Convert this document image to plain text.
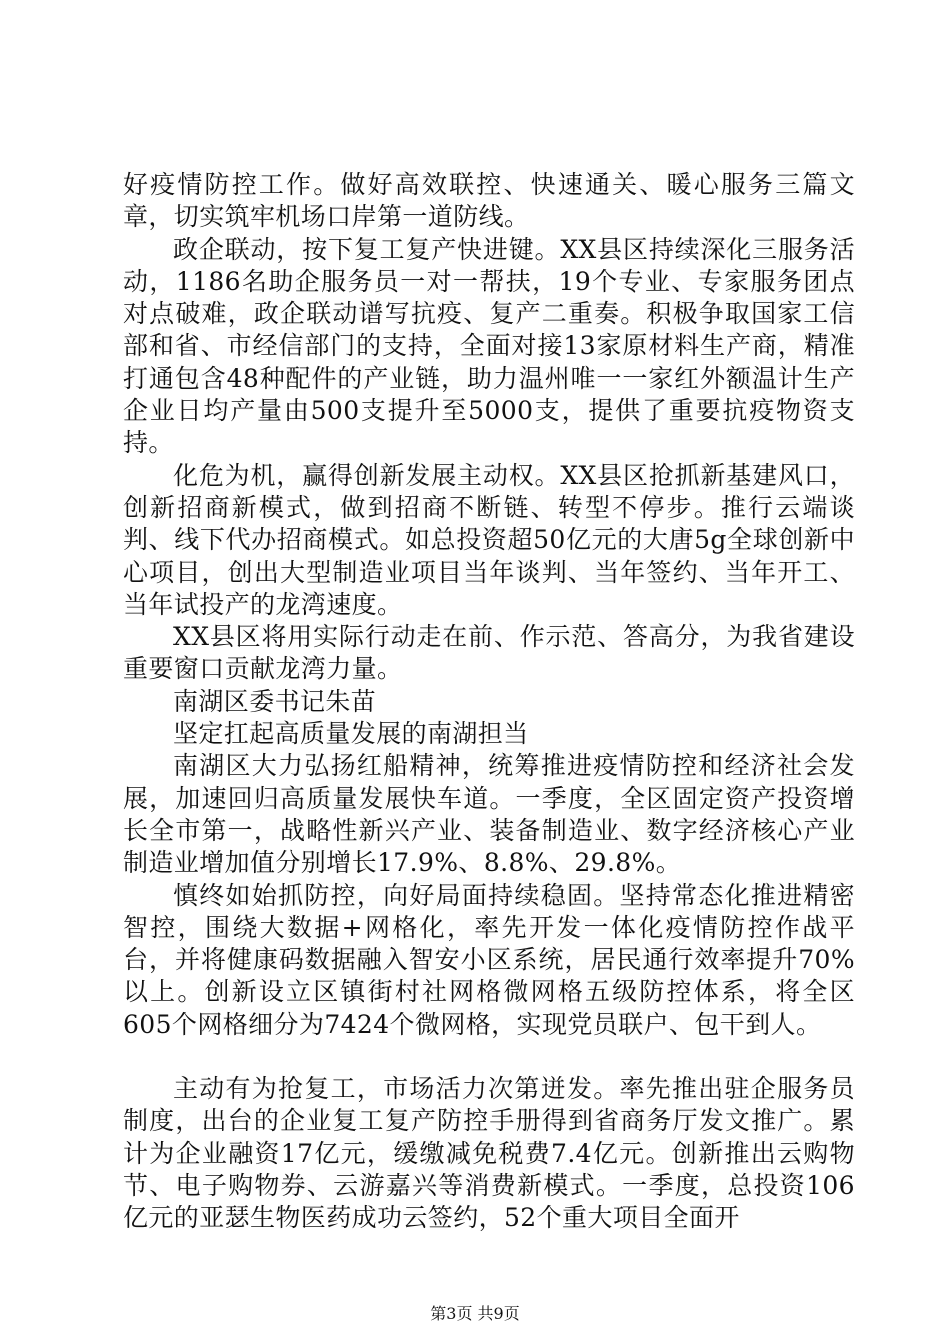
好疫情防控工作。做好高效联控、快速通关、暖心服务三篇文章，切实筑牢机场口岸第一道防线。

政企联动，按下复工复产快进键。XX县区持续深化三服务活动，1186名助企服务员一对一帮扶，19个专业、专家服务团点对点破难，政企联动谱写抗疫、复产二重奏。积极争取国家工信部和省、市经信部门的支持，全面对接13家原材料生产商，精准打通包含48种配件的产业链，助力温州唯一一家红外额温计生产企业日均产量由500支提升至5000支，提供了重要抗疫物资支持。

化危为机，赢得创新发展主动权。XX县区抢抓新基建风口，创新招商新模式，做到招商不断链、转型不停步。推行云端谈判、线下代办招商模式。如总投资超50亿元的大唐5g全球创新中心项目，创出大型制造业项目当年谈判、当年签约、当年开工、当年试投产的龙湾速度。

XX县区将用实际行动走在前、作示范、答高分，为我省建设重要窗口贡献龙湾力量。

南湖区委书记朱苗

坚定扛起高质量发展的南湖担当

南湖区大力弘扬红船精神，统筹推进疫情防控和经济社会发展，加速回归高质量发展快车道。一季度，全区固定资产投资增长全市第一，战略性新兴产业、装备制造业、数字经济核心产业制造业增加值分别增长17.9%、8.8%、29.8%。

慎终如始抓防控，向好局面持续稳固。坚持常态化推进精密智控，围绕大数据+网格化，率先开发一体化疫情防控作战平台，并将健康码数据融入智安小区系统，居民通行效率提升70%以上。创新设立区镇街村社网格微网格五级防控体系，将全区605个网格细分为7424个微网格，实现党员联户、包干到人。

主动有为抢复工，市场活力次第迸发。率先推出驻企服务员制度，出台的企业复工复产防控手册得到省商务厅发文推广。累计为企业融资17亿元，缓缴减免税费7.4亿元。创新推出云购物节、电子购物券、云游嘉兴等消费新模式。一季度，总投资106亿元的亚瑟生物医药成功云签约，52个重大项目全面开

第3页 共9页
